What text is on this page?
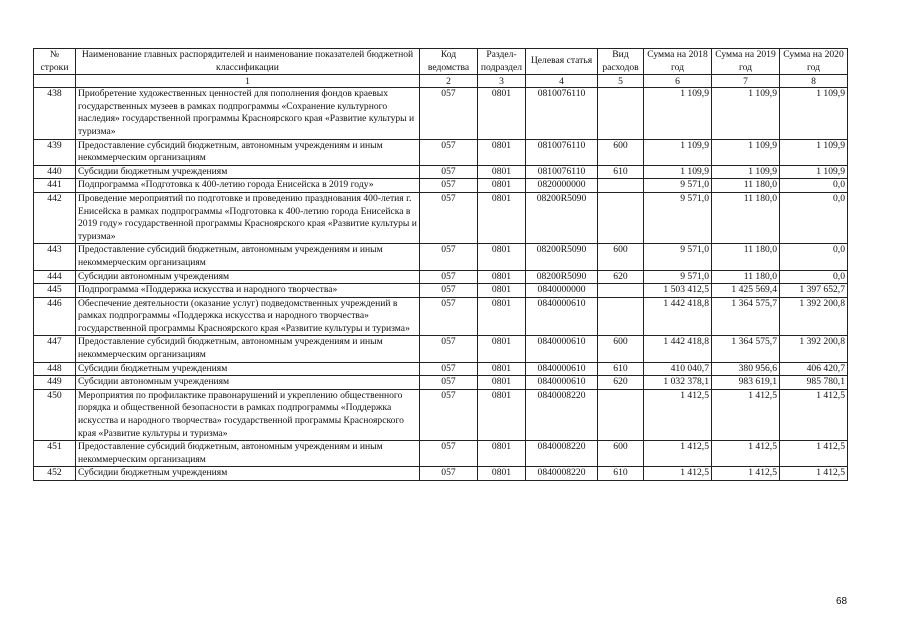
№ строки	Наименование главных распорядителей и наименование показателей бюджетной классификации	Код ведомства	Раздел-подраздел	Целевая статья	Вид расходов	Сумма на 2018 год	Сумма на 2019 год	Сумма на 2020 год
	1	2	3	4	5	6	7	8
438	Приобретение художественных ценностей для пополнения фондов краевых государственных музеев в рамках подпрограммы «Сохранение культурного наследия» государственной программы Красноярского края «Развитие культуры и туризма»	057	0801	0810076110		1 109,9	1 109,9	1 109,9
439	Предоставление субсидий бюджетным, автономным учреждениям и иным некоммерческим организациям	057	0801	0810076110	600	1 109,9	1 109,9	1 109,9
440	Субсидии бюджетным учреждениям	057	0801	0810076110	610	1 109,9	1 109,9	1 109,9
441	Подпрограмма «Подготовка к 400-летию города Енисейска в 2019 году»	057	0801	0820000000		9 571,0	11 180,0	0,0
442	Проведение мероприятий по подготовке и проведению празднования 400-летия г. Енисейска в рамках подпрограммы «Подготовка к 400-летию города Енисейска в 2019 году» государственной программы Красноярского края «Развитие культуры и туризма»	057	0801	08200R5090		9 571,0	11 180,0	0,0
443	Предоставление субсидий бюджетным, автономным учреждениям и иным некоммерческим организациям	057	0801	08200R5090	600	9 571,0	11 180,0	0,0
444	Субсидии автономным учреждениям	057	0801	08200R5090	620	9 571,0	11 180,0	0,0
445	Подпрограмма «Поддержка искусства и народного творчества»	057	0801	0840000000		1 503 412,5	1 425 569,4	1 397 652,7
446	Обеспечение деятельности (оказание услуг) подведомственных учреждений в рамках подпрограммы «Поддержка искусства и народного творчества» государственной программы Красноярского края «Развитие культуры и туризма»	057	0801	0840000610		1 442 418,8	1 364 575,7	1 392 200,8
447	Предоставление субсидий бюджетным, автономным учреждениям и иным некоммерческим организациям	057	0801	0840000610	600	1 442 418,8	1 364 575,7	1 392 200,8
448	Субсидии бюджетным учреждениям	057	0801	0840000610	610	410 040,7	380 956,6	406 420,7
449	Субсидии автономным учреждениям	057	0801	0840000610	620	1 032 378,1	983 619,1	985 780,1
450	Мероприятия по профилактике правонарушений и укреплению общественного порядка и общественной безопасности в рамках подпрограммы «Поддержка искусства и народного творчества» государственной программы Красноярского края «Развитие культуры и туризма»	057	0801	0840008220		1 412,5	1 412,5	1 412,5
451	Предоставление субсидий бюджетным, автономным учреждениям и иным некоммерческим организациям	057	0801	0840008220	600	1 412,5	1 412,5	1 412,5
452	Субсидии бюджетным учреждениям	057	0801	0840008220	610	1 412,5	1 412,5	1 412,5
68
